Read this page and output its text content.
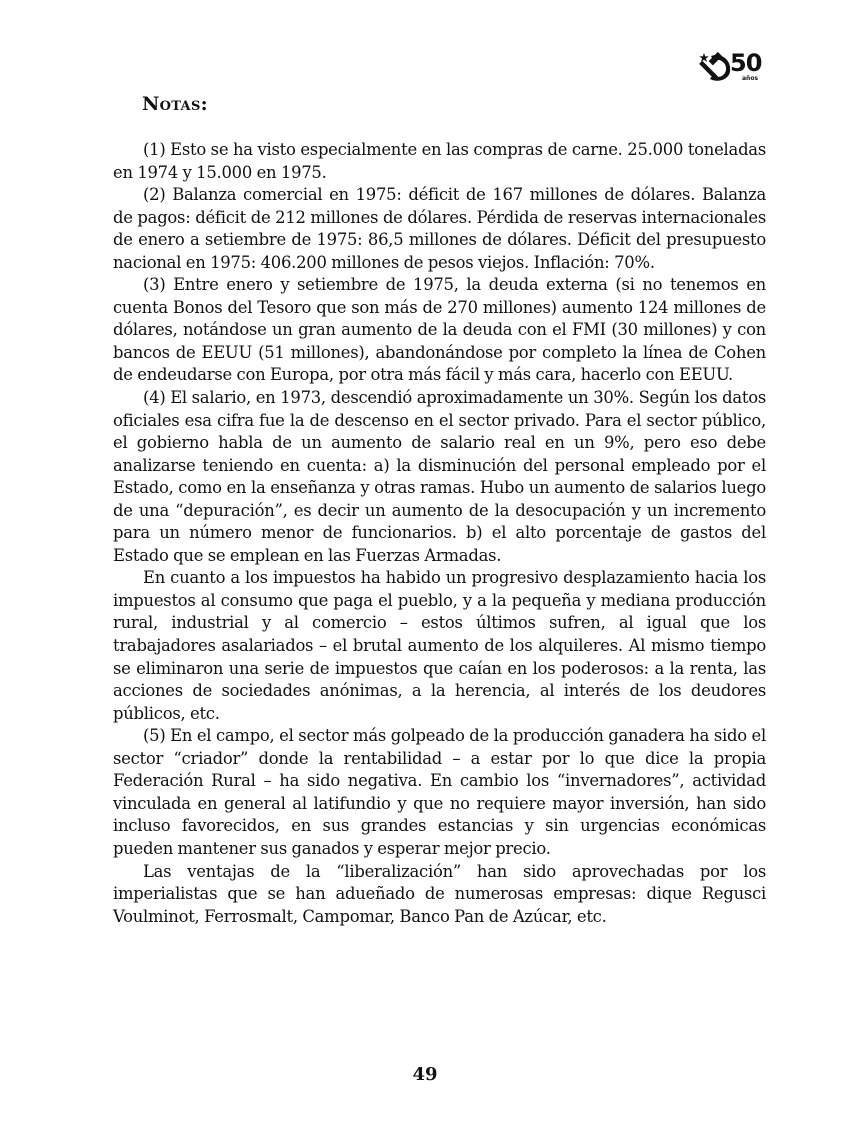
50
años
Notas:

(1) Esto se ha visto especialmente en las compras de carne. 25.000 toneladas en 1974 y 15.000 en 1975.

(2) Balanza comercial en 1975: déficit de 167 millones de dólares. Balanza de pagos: déficit de 212 millones de dólares. Pérdida de reservas internacionales de enero a setiembre de 1975: 86,5 millones de dólares. Déficit del presupuesto nacional en 1975: 406.200 millones de pesos viejos. Inflación: 70%.

(3) Entre enero y setiembre de 1975, la deuda externa (si no tenemos en cuenta Bonos del Tesoro que son más de 270 millones) aumento 124 millones de dólares, notándose un gran aumento de la deuda con el FMI (30 millones) y con bancos de EEUU (51 millones), abandonándose por completo la línea de Cohen de endeudarse con Europa, por otra más fácil y más cara, hacerlo con EEUU.

(4) El salario, en 1973, descendió aproximadamente un 30%. Según los datos oficiales esa cifra fue la de descenso en el sector privado. Para el sector público, el gobierno habla de un aumento de salario real en un 9%, pero eso debe analizarse teniendo en cuenta: a) la disminución del personal empleado por el Estado, como en la enseñanza y otras ramas. Hubo un aumento de salarios luego de una “depuración”, es decir un aumento de la desocupación y un incremento para un número menor de funcionarios. b) el alto porcentaje de gastos del Estado que se emplean en las Fuerzas Armadas.

En cuanto a los impuestos ha habido un progresivo desplazamiento hacia los impuestos al consumo que paga el pueblo, y a la pequeña y mediana producción rural, industrial y al comercio – estos últimos sufren, al igual que los trabajadores asalariados – el brutal aumento de los alquileres. Al mismo tiempo se eliminaron una serie de impuestos que caían en los poderosos: a la renta, las acciones de sociedades anónimas, a la herencia, al interés de los deudores públicos, etc.

(5) En el campo, el sector más golpeado de la producción ganadera ha sido el sector “criador” donde la rentabilidad – a estar por lo que dice la propia Federación Rural – ha sido negativa. En cambio los “invernadores”, actividad vinculada en general al latifundio y que no requiere mayor inversión, han sido incluso favorecidos, en sus grandes estancias y sin urgencias económicas pueden mantener sus ganados y esperar mejor precio.

Las ventajas de la “liberalización” han sido aprovechadas por los imperialistas que se han adueñado de numerosas empresas: dique Regusci Voulminot, Ferrosmalt, Campomar, Banco Pan de Azúcar, etc.

49
